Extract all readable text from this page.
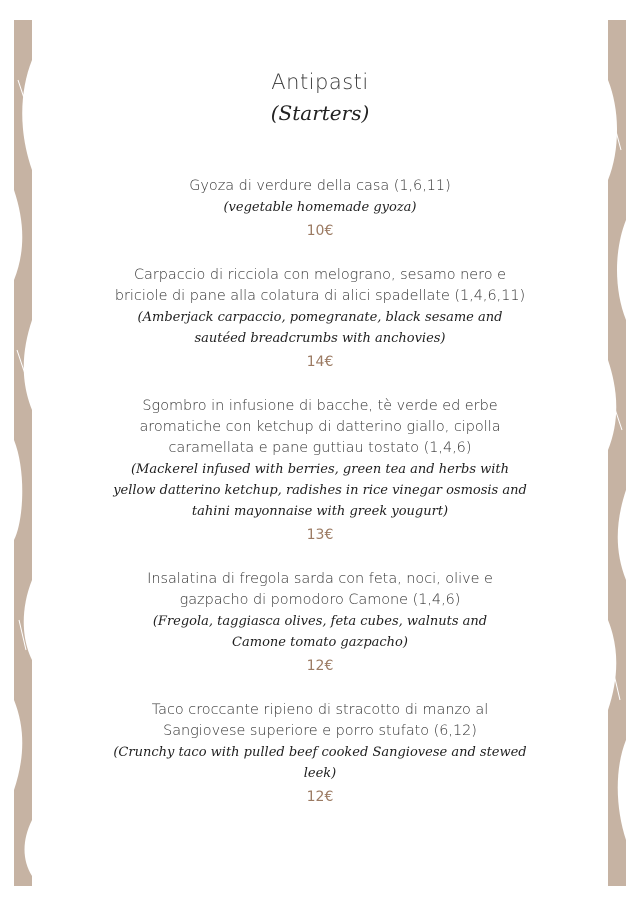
Antipasti
(Starters)
Gyoza di verdure della casa (1,6,11)
(vegetable homemade gyoza)
10€
Carpaccio di ricciola con melograno, sesamo nero e briciole di pane alla colatura di alici spadellate (1,4,6,11)
(Amberjack carpaccio, pomegranate, black sesame and sautéed breadcrumbs with anchovies)
14€
Sgombro in infusione di bacche, tè verde ed erbe aromatiche con ketchup di datterino giallo, cipolla caramellata e pane guttiau tostato (1,4,6)
(Mackerel infused with berries, green tea and herbs with yellow datterino ketchup, radishes in rice vinegar osmosis and tahini mayonnaise with greek yougurt)
13€
Insalatina di fregola sarda con feta, noci, olive e gazpacho di pomodoro Camone (1,4,6)
(Fregola, taggiasca olives, feta cubes, walnuts and Camone tomato gazpacho)
12€
Taco croccante ripieno di stracotto di manzo al Sangiovese superiore e porro stufato (6,12)
(Crunchy taco with pulled beef cooked Sangiovese and stewed leek)
12€
